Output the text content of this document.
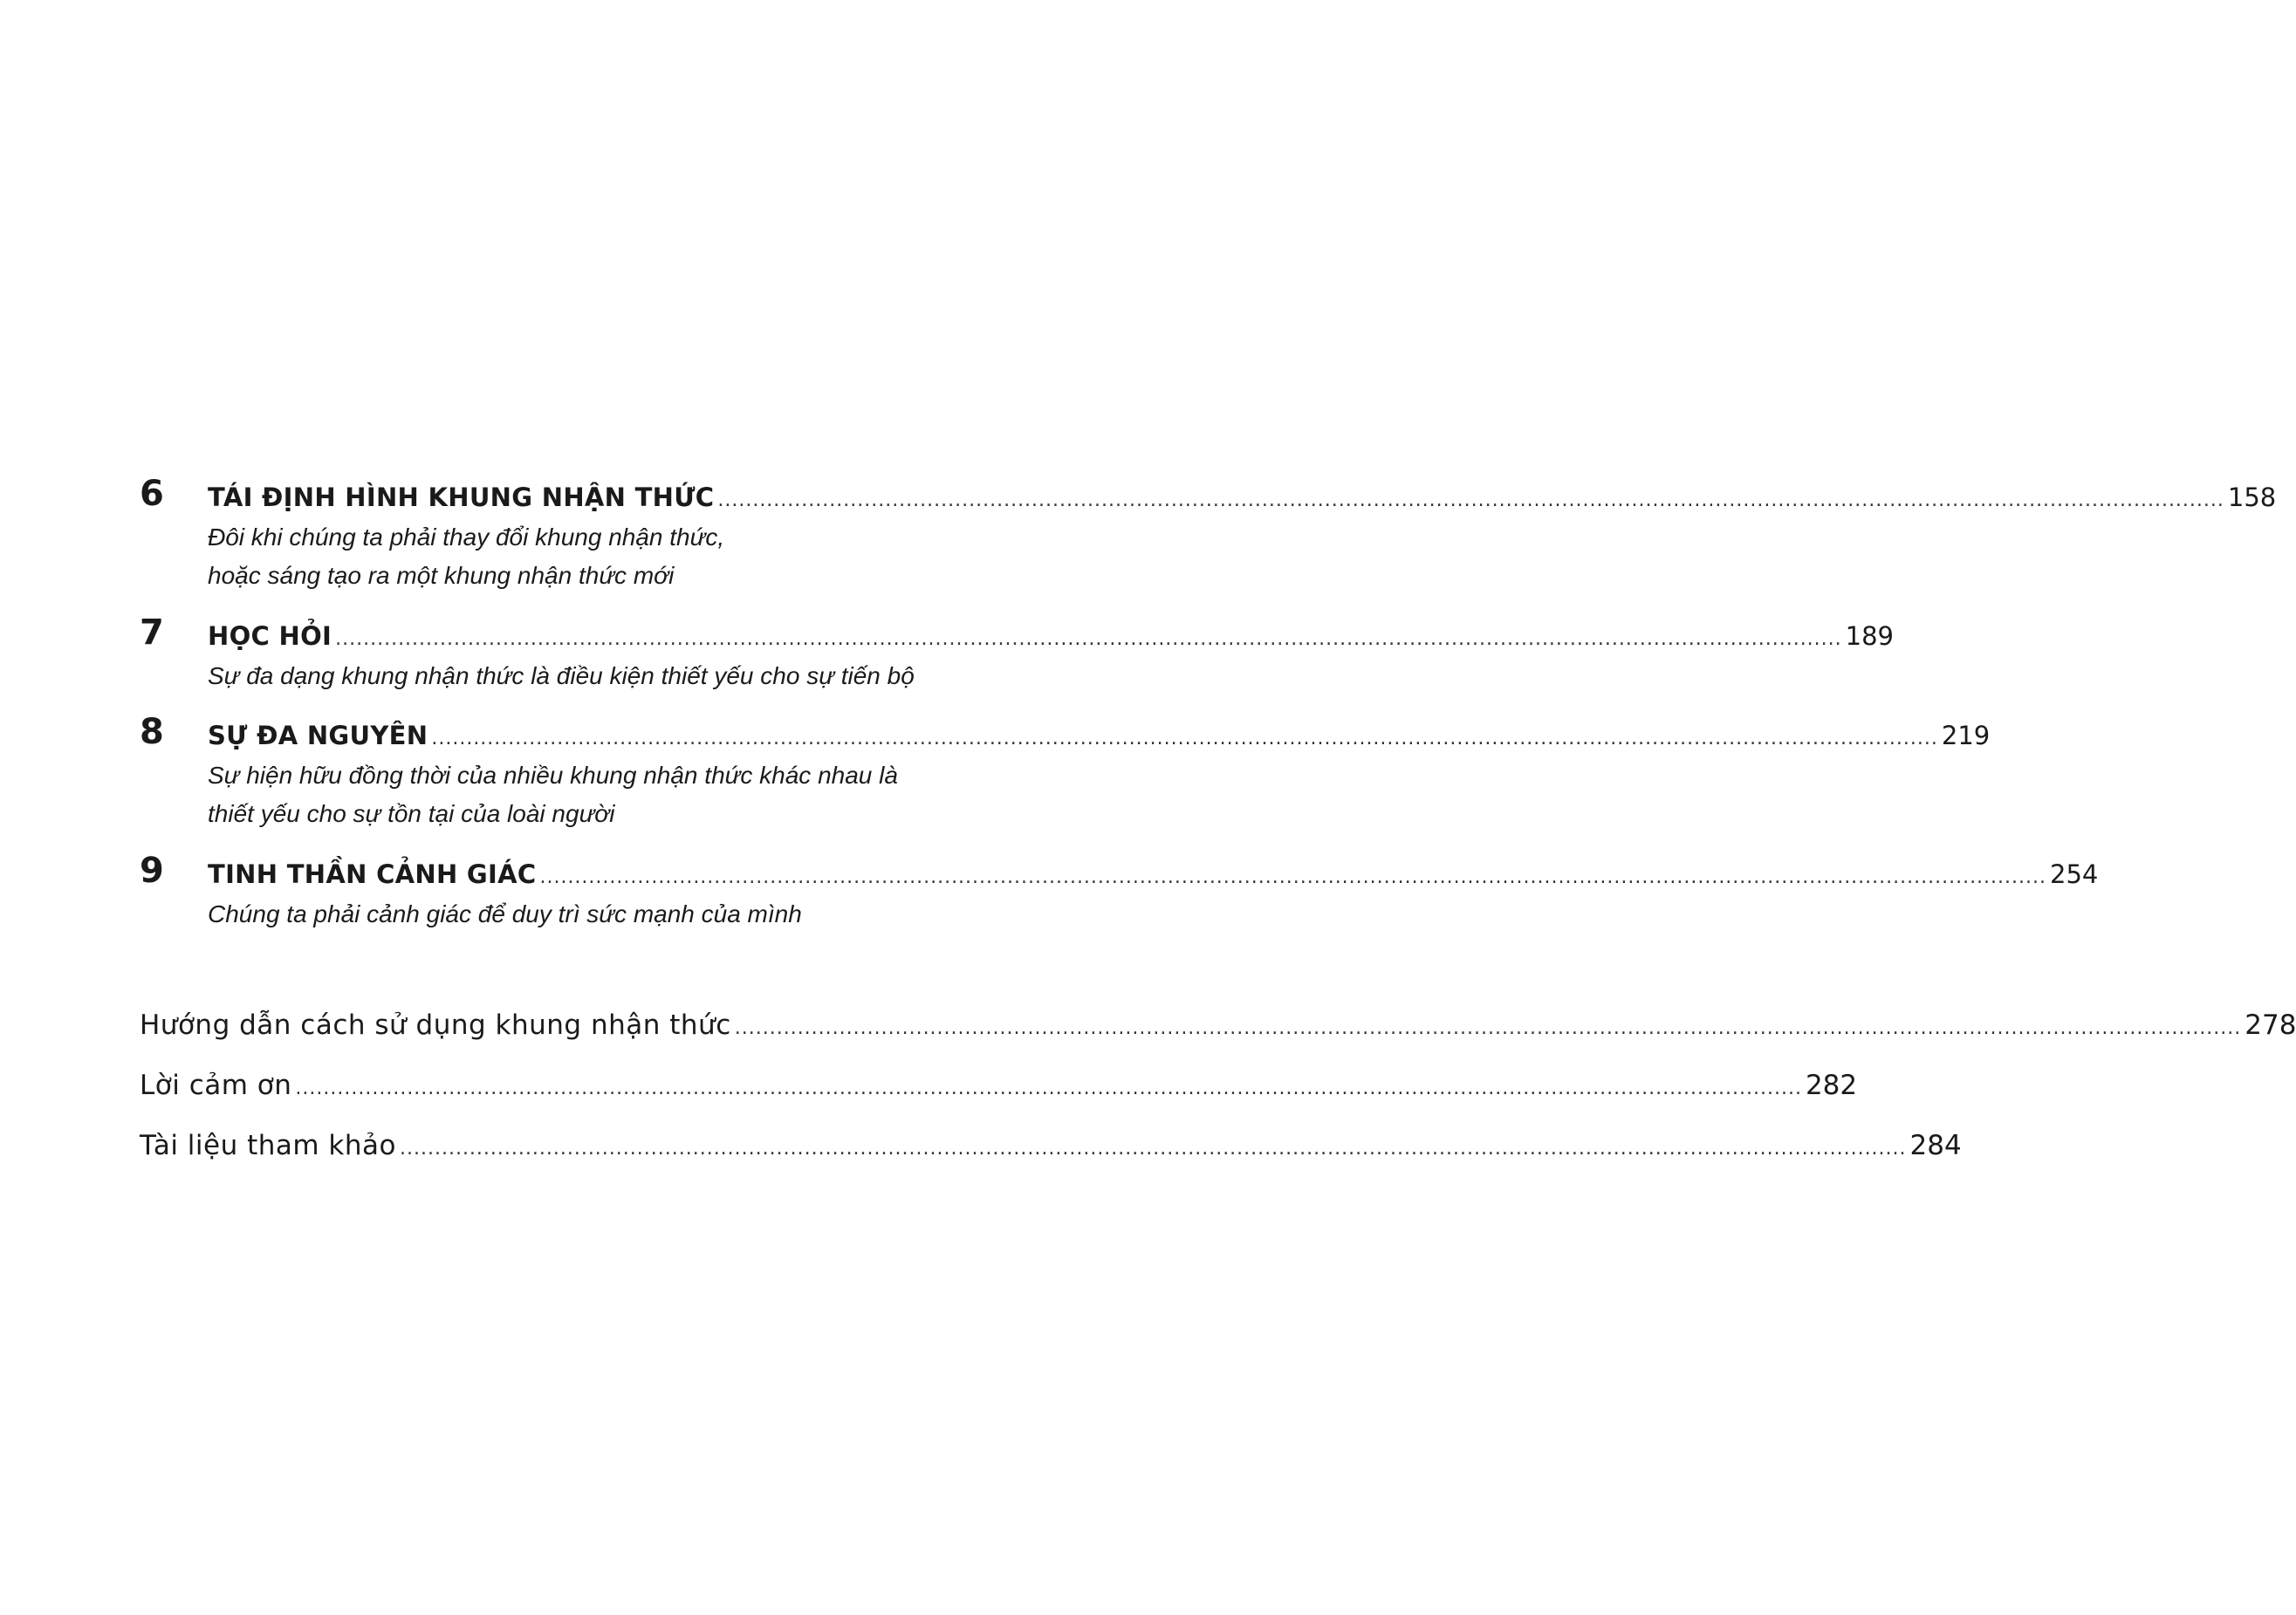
6 TÁI ĐỊNH HÌNH KHUNG NHẬN THỨC ........................................................................................................................................................................................................................ 158
Đôi khi chúng ta phải thay đổi khung nhận thức,
hoặc sáng tạo ra một khung nhận thức mới
7 HỌC HỎI ........................................................................................................................................................................................................................ 189
Sự đa dạng khung nhận thức là điều kiện thiết yếu cho sự tiến bộ
8 SỰ ĐA NGUYÊN ........................................................................................................................................................................................................................ 219
Sự hiện hữu đồng thời của nhiều khung nhận thức khác nhau là
thiết yếu cho sự tồn tại của loài người
9 TINH THẦN CẢNH GIÁC ........................................................................................................................................................................................................................ 254
Chúng ta phải cảnh giác để duy trì sức mạnh của mình
Hướng dẫn cách sử dụng khung nhận thức ........................................................................................................................................................................................................................ 278
Lời cảm ơn ........................................................................................................................................................................................................................ 282
Tài liệu tham khảo ........................................................................................................................................................................................................................ 284
